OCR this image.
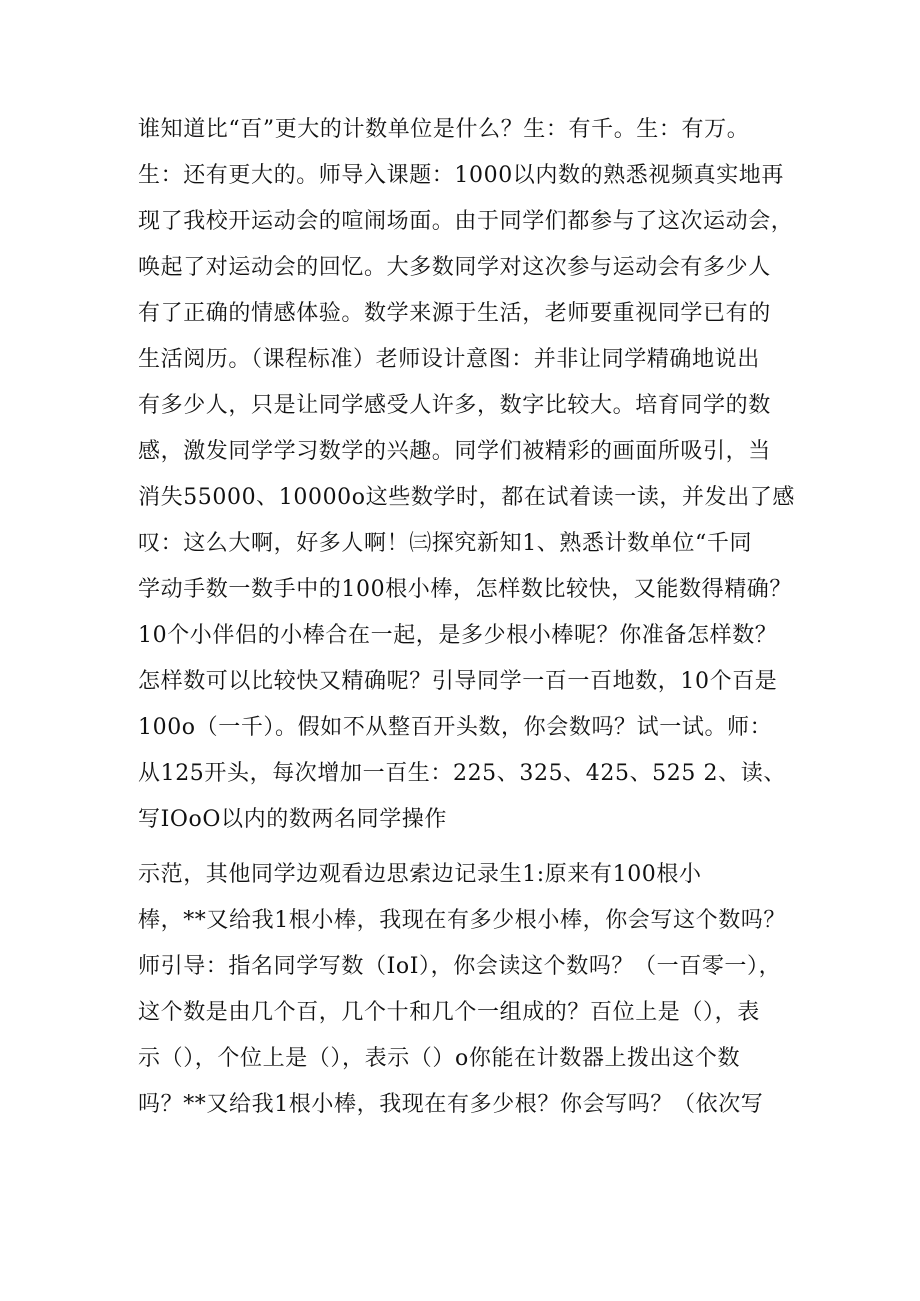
谁知道比“百”更大的计数单位是什么？生：有千。生：有万。
生：还有更大的。师导入课题：1000以内数的熟悉视频真实地再
现了我校开运动会的喧闹场面。由于同学们都参与了这次运动会，
唤起了对运动会的回忆。大多数同学对这次参与运动会有多少人
有了正确的情感体验。数学来源于生活，老师要重视同学已有的
生活阅历。（课程标准）老师设计意图：并非让同学精确地说出
有多少人，只是让同学感受人许多，数字比较大。培育同学的数
感，激发同学学习数学的兴趣。同学们被精彩的画面所吸引，当
消失55000、10000o这些数学时，都在试着读一读，并发出了感
叹：这么大啊，好多人啊！㈢探究新知1、熟悉计数单位“千同
学动手数一数手中的100根小棒，怎样数比较快，又能数得精确？
10个小伴侣的小棒合在一起，是多少根小棒呢？你准备怎样数？
怎样数可以比较快又精确呢？引导同学一百一百地数，10个百是
100o（一千）。假如不从整百开头数，你会数吗？试一试。师：
从125开头，每次增加一百生：225、325、425、525 2、读、
写IOoO以内的数两名同学操作
示范，其他同学边观看边思索边记录生1:原来有100根小
棒，**又给我1根小棒，我现在有多少根小棒，你会写这个数吗？
师引导：指名同学写数（IoI），你会读这个数吗？（一百零一），
这个数是由几个百，几个十和几个一组成的？百位上是（），表
示（），个位上是（），表示（）o你能在计数器上拨出这个数
吗？**又给我1根小棒，我现在有多少根？你会写吗？（依次写
